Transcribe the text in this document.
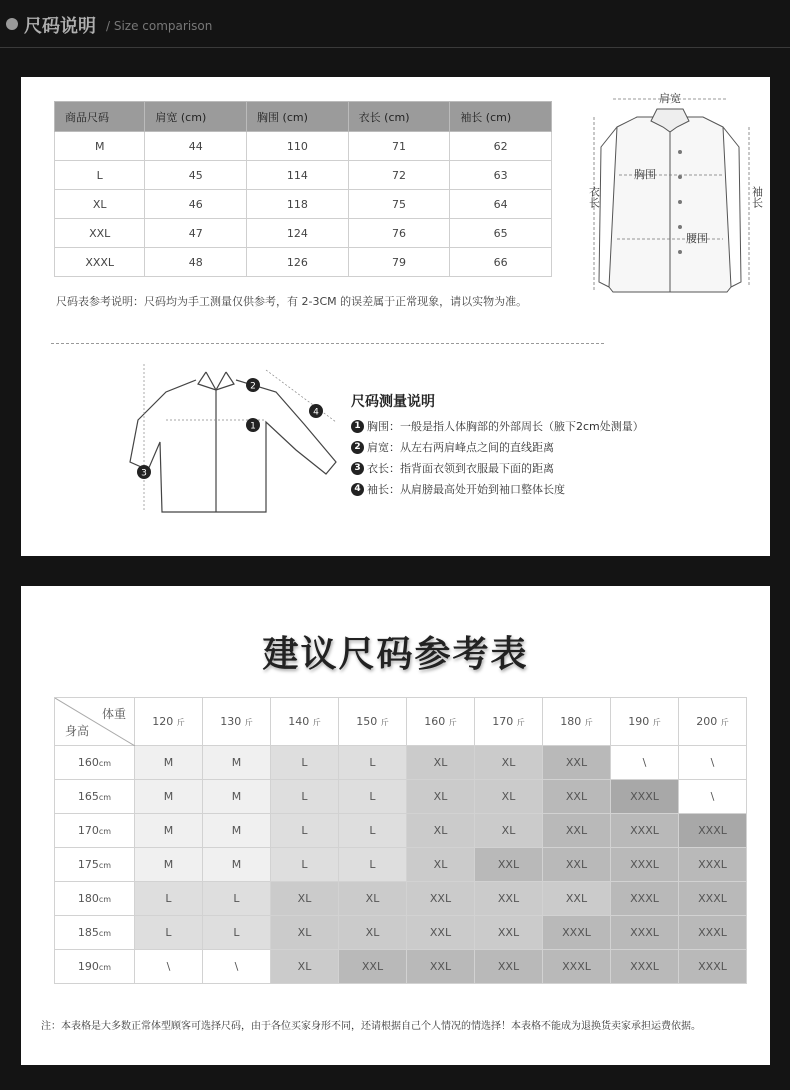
尺码说明 / Size comparison
商品尺码	肩宽 (cm)	胸围 (cm)	衣长 (cm)	袖长 (cm)
M	44	110	71	62
L	45	114	72	63
XL	46	118	75	64
XXL	47	124	76	65
XXXL	48	126	79	66
尺码表参考说明：尺码均为手工测量仅供参考，有 2-3CM 的误差属于正常现象，请以实物为准。
肩宽
胸围
腰围
衣长	袖长
1
2
3
4
尺码测量说明
1 胸围：一般是指人体胸部的外部周长（腋下2cm处测量）
2 肩宽：从左右两肩峰点之间的直线距离
3 衣长：指背面衣领到衣服最下面的距离
4 袖长：从肩膀最高处开始到袖口整体长度
建议尺码参考表
体重
身高	120 斤	130 斤	140 斤	150 斤	160 斤	170 斤	180 斤	190 斤	200 斤
160cm	M	M	L	L	XL	XL	XXL	\	\
165cm	M	M	L	L	XL	XL	XXL	XXXL	\
170cm	M	M	L	L	XL	XL	XXL	XXXL	XXXL
175cm	M	M	L	L	XL	XXL	XXL	XXXL	XXXL
180cm	L	L	XL	XL	XXL	XXL	XXL	XXXL	XXXL
185cm	L	L	XL	XL	XXL	XXL	XXXL	XXXL	XXXL
190cm	\	\	XL	XXL	XXL	XXL	XXXL	XXXL	XXXL
注：本表格是大多数正常体型顾客可选择尺码，由于各位买家身形不同，还请根据自己个人情况的情选择！本表格不能成为退换货卖家承担运费依据。
